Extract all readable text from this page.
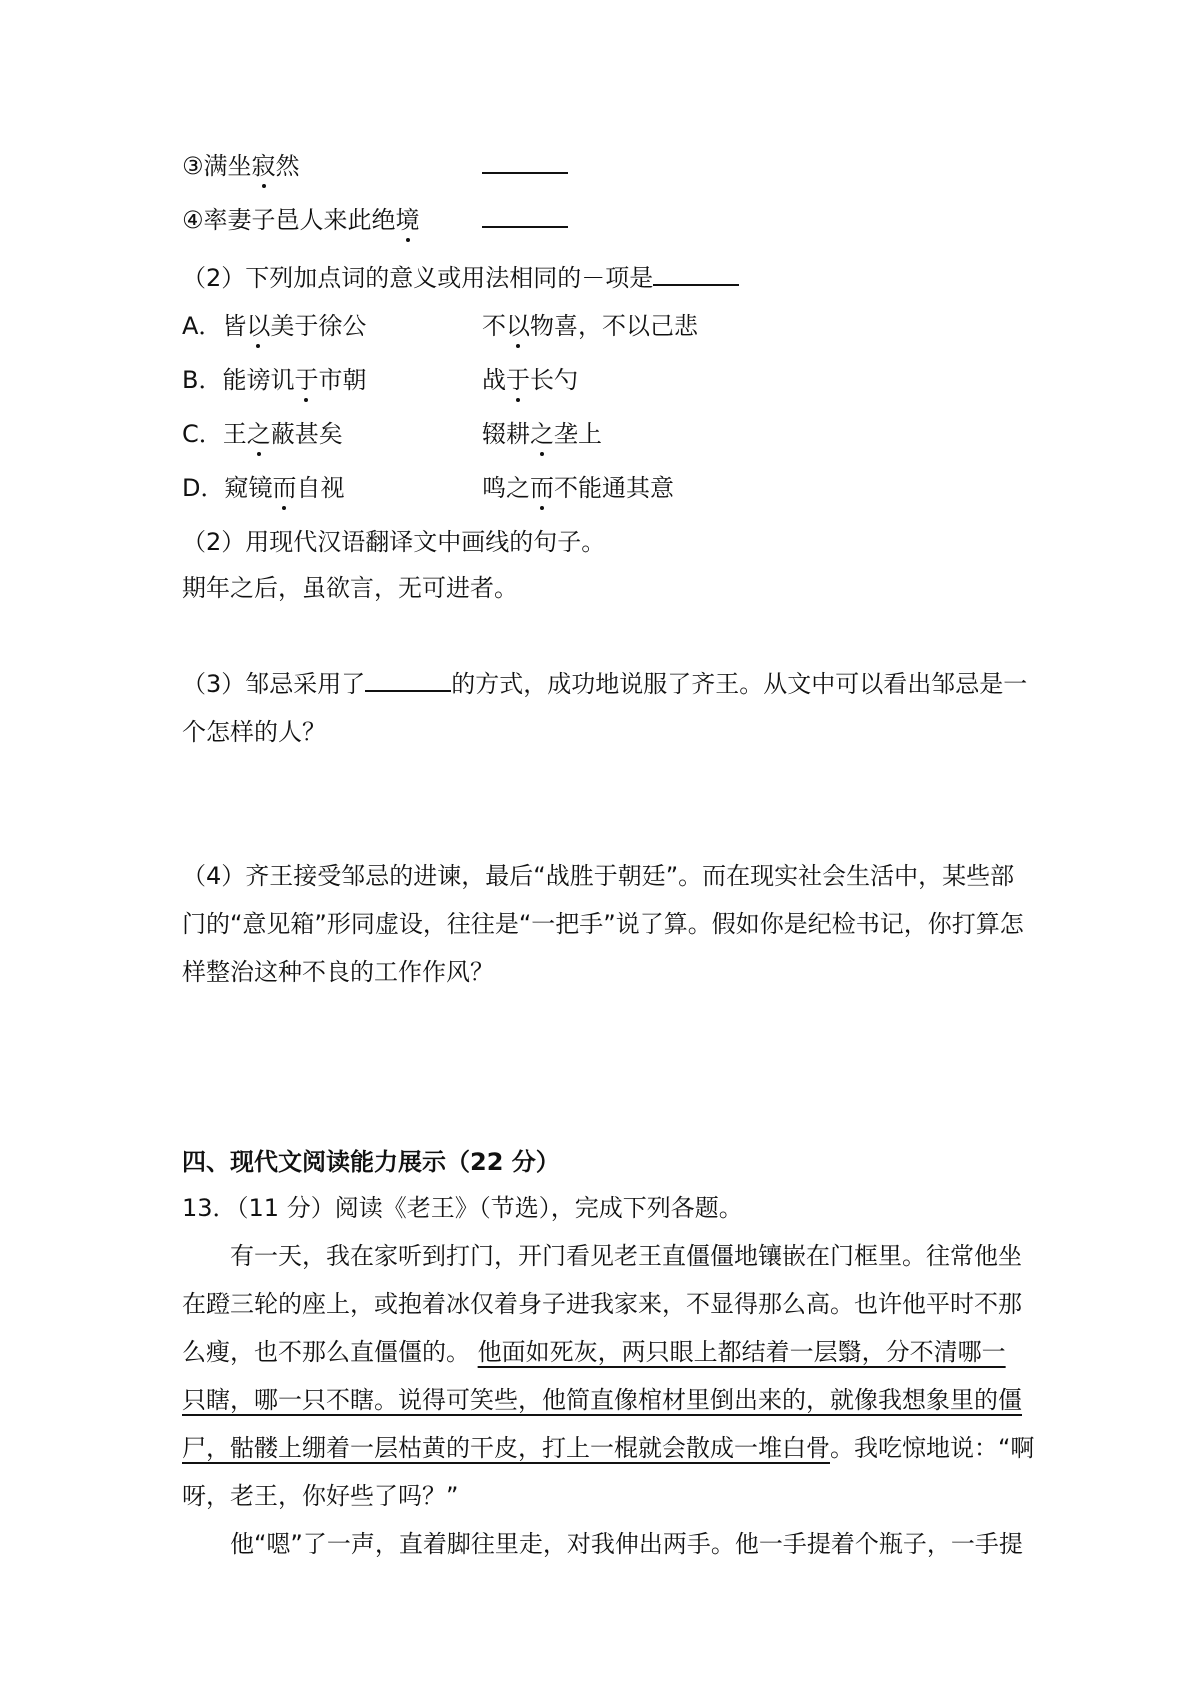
③满坐寂然
④率妻子邑人来此绝境
（2）下列加点词的意义或用法相同的－项是
A．皆以美于徐公	不以物喜，不以己悲
B．能谤讥于市朝	战于长勺
C．王之蔽甚矣	辍耕之垄上
D．窥镜而自视	鸣之而不能通其意
（2）用现代汉语翻译文中画线的句子。
期年之后，虽欲言，无可进者。
（3）邹忌采用了	的方式，成功地说服了齐王。从文中可以看出邹忌是一
个怎样的人？
（4）齐王接受邹忌的进谏，最后“战胜于朝廷”。而在现实社会生活中，某些部
门的“意见箱”形同虚设，往往是“一把手”说了算。假如你是纪检书记，你打算怎
样整治这种不良的工作作风？
四、现代文阅读能力展示（22 分）
13．（11 分）阅读《老王》（节选），完成下列各题。
有一天，我在家听到打门，开门看见老王直僵僵地镶嵌在门框里。往常他坐
在蹬三轮的座上，或抱着冰仅着身子进我家来，不显得那么高。也许他平时不那
么瘦，也不那么直僵僵的。 他面如死灰，两只眼上都结着一层翳，分不清哪一
只瞎，哪一只不瞎。说得可笑些，他简直像棺材里倒出来的，就像我想象里的僵
尸，骷髅上绷着一层枯黄的干皮，打上一棍就会散成一堆白骨。我吃惊地说：“啊
呀，老王，你好些了吗？”
他“嗯”了一声，直着脚往里走，对我伸出两手。他一手提着个瓶子，一手提
